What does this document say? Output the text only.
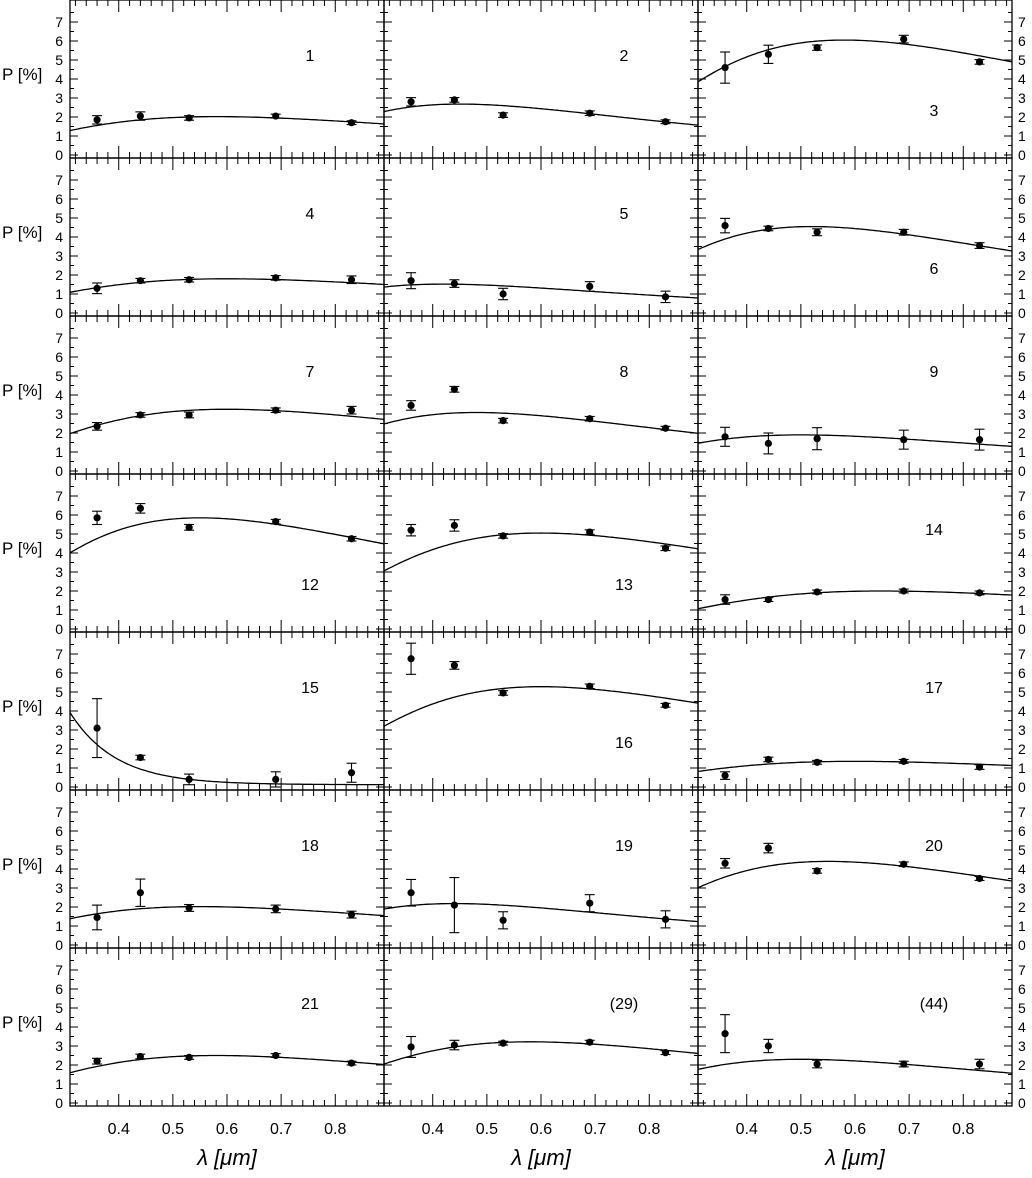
0
1
2
3
4
5
6
7
1	2
0
1
2
3
4
5
6
7
3
0
1
2
3
4
5
6
7
4	5
0
1
2
3
4
5
6
7
6
0
1
2
3
4
5
6
7
7	8
0
1
2
3
4
5
6
7
9
0
1
2
3
4
5
6
7
12	13
0
1
2
3
4
5
6
7
14
0
1
2
3
4
5
6
7
15
16
0
1
2
3
4
5
6
7
17
0
1
2
3
4
5
6
7
18	19
0
1
2
3
4
5
6
7
20
0
1
2
3
4
5
6
7
21	(29)
0
1
2
3
4
5
6
7
(44)
P [%]
P [%]
P [%]
P [%]
P [%]
P [%]
P [%]
0.4 0.5 0.6 0.7 0.8
λ [μm]
0.4 0.5 0.6 0.7 0.8
λ [μm]
0.4 0.5 0.6 0.7 0.8
λ [μm]
